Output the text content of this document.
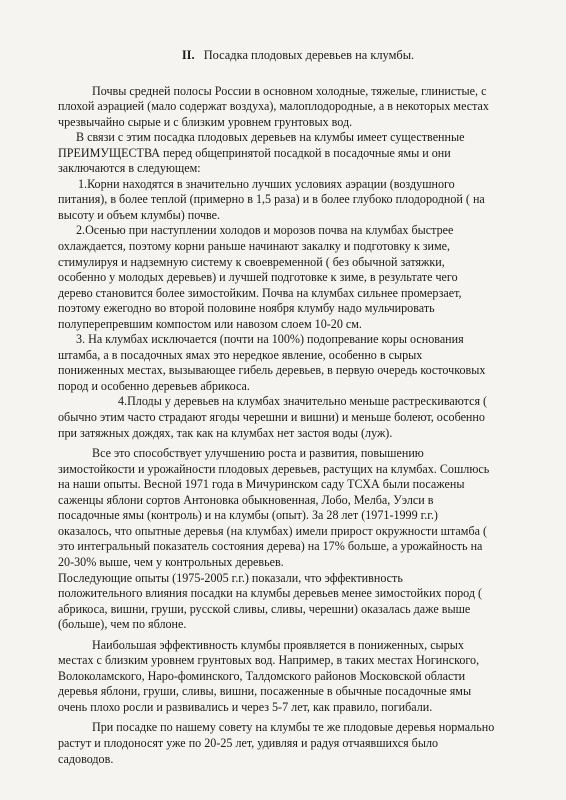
II. Посадка плодовых деревьев на клумбы.

Почвы средней полосы России в основном холодные, тяжелые, глинистые, с
плохой аэрацией (мало содержат воздуха), малоплодородные, а в некоторых местах
чрезвычайно сырые и с близким уровнем грунтовых вод.

В связи с этим посадка плодовых деревьев на клумбы имеет существенные
ПРЕИМУЩЕСТВА перед общепринятой посадкой в посадочные ямы и они
заключаются в следующем:

1.Корни находятся в значительно лучших условиях аэрации (воздушного
питания), в более теплой (примерно в 1,5 раза) и в более глубоко плодородной ( на
высоту и объем клумбы) почве.

2.Осенью при наступлении холодов и морозов почва на клумбах быстрее
охлаждается, поэтому корни раньше начинают закалку и подготовку к зиме,
стимулируя и надземную систему к своевременной ( без обычной затяжки,
особенно у молодых деревьев) и лучшей подготовке к зиме, в результате чего
дерево становится более зимостойким. Почва на клумбах сильнее промерзает,
поэтому ежегодно во второй половине ноября клумбу надо мульчировать
полуперепревшим компостом или навозом слоем 10-20 см.

3. На клумбах исключается (почти на 100%) подопревание коры основания
штамба, а в посадочных ямах это нередкое явление, особенно в сырых
пониженных местах, вызывающее гибель деревьев, в первую очередь косточковых
пород и особенно деревьев абрикоса.

4.Плоды у деревьев на клумбах значительно меньше растрескиваются (
обычно этим часто страдают ягоды черешни и вишни) и меньше болеют, особенно
при затяжных дождях, так как на клумбах нет застоя воды (луж).

Все это способствует улучшению роста и развития, повышению
зимостойкости и урожайности плодовых деревьев, растущих на клумбах. Сошлюсь
на наши опыты. Весной 1971 года в Мичуринском саду ТСХА были посажены
саженцы яблони сортов Антоновка обыкновенная, Лобо, Мелба, Уэлси в
посадочные ямы (контроль) и на клумбы (опыт). За 28 лет (1971-1999 г.г.)
оказалось, что опытные деревья (на клумбах) имели прирост окружности штамба (
это интегральный показатель состояния дерева) на 17% больше, а урожайность на
20-30% выше, чем у контрольных деревьев.

Последующие опыты (1975-2005 г.г.) показали, что эффективность
положительного влияния посадки на клумбы деревьев менее зимостойких пород (
абрикоса, вишни, груши, русской сливы, сливы, черешни) оказалась даже выше
(больше), чем по яблоне.

Наибольшая эффективность клумбы проявляется в пониженных, сырых
местах с близким уровнем грунтовых вод. Например, в таких местах Ногинского,
Волоколамского, Наро-фоминского, Талдомского районов Московской области
деревья яблони, груши, сливы, вишни, посаженные в обычные посадочные ямы
очень плохо росли и развивались и через 5-7 лет, как правило, погибали.

При посадке по нашему совету на клумбы те же плодовые деревья нормально
растут и плодоносят уже по 20-25 лет, удивляя и радуя отчаявшихся было
садоводов.
